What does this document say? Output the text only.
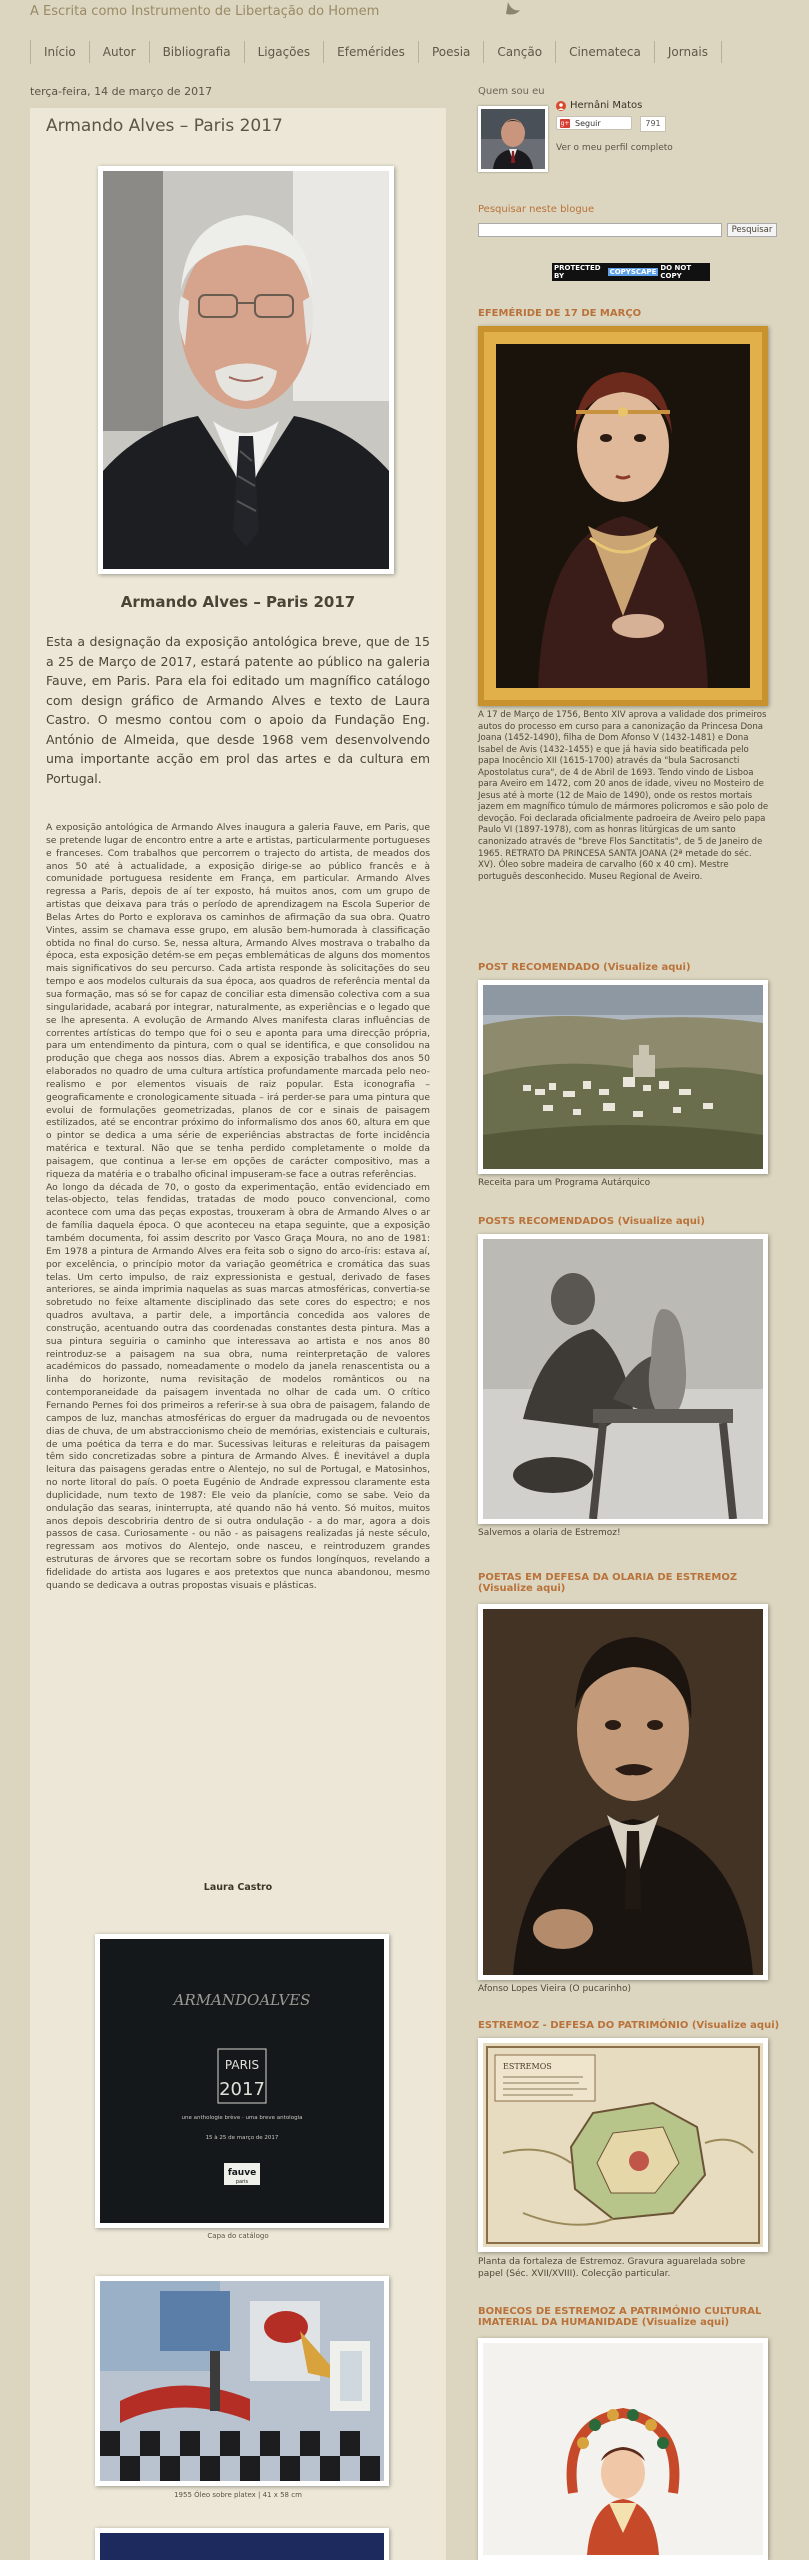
A Escrita como Instrumento de Libertação do Homem
Início	Autor	Bibliografia	Ligações	Efemérides	Poesia	Canção	Cinemateca	Jornais
terça-feira, 14 de março de 2017
Armando Alves – Paris 2017
Armando Alves – Paris 2017

Esta a designação da exposição antológica breve, que de 15 a 25 de Março de 2017, estará patente ao público na galeria Fauve, em Paris. Para ela foi editado um magnífico catálogo com design gráfico de Armando Alves e texto de Laura Castro. O mesmo contou com o apoio da Fundação Eng. António de Almeida, que desde 1968 vem desenvolvendo uma importante acção em prol das artes e da cultura em Portugal.

A exposição antológica de Armando Alves inaugura a galeria Fauve, em Paris, que se pretende lugar de encontro entre a arte e artistas, particularmente portugueses e franceses. Com trabalhos que percorrem o trajecto do artista, de meados dos anos 50 até à actualidade, a exposição dirige-se ao público francês e à comunidade portuguesa residente em França, em particular. Armando Alves regressa a Paris, depois de aí ter exposto, há muitos anos, com um grupo de artistas que deixava para trás o período de aprendizagem na Escola Superior de Belas Artes do Porto e explorava os caminhos de afirmação da sua obra. Quatro Vintes, assim se chamava esse grupo, em alusão bem-humorada à classificação obtida no final do curso. Se, nessa altura, Armando Alves mostrava o trabalho da época, esta exposição detém-se em peças emblemáticas de alguns dos momentos mais significativos do seu percurso. Cada artista responde às solicitações do seu tempo e aos modelos culturais da sua época, aos quadros de referência mental da sua formação, mas só se for capaz de conciliar esta dimensão colectiva com a sua singularidade, acabará por integrar, naturalmente, as experiências e o legado que se lhe apresenta. A evolução de Armando Alves manifesta claras influências de correntes artísticas do tempo que foi o seu e aponta para uma direcção própria, para um entendimento da pintura, com o qual se identifica, e que consolidou na produção que chega aos nossos dias. Abrem a exposição trabalhos dos anos 50 elaborados no quadro de uma cultura artística profundamente marcada pelo neo-realismo e por elementos visuais de raiz popular. Esta iconografia – geograficamente e cronologicamente situada – irá perder-se para uma pintura que evolui de formulações geometrizadas, planos de cor e sinais de paisagem estilizados, até se encontrar próximo do informalismo dos anos 60, altura em que o pintor se dedica a uma série de experiências abstractas de forte incidência matérica e textural. Não que se tenha perdido completamente o molde da paisagem, que continua a ler-se em opções de carácter compositivo, mas a riqueza da matéria e o trabalho oficinal impuseram-se face a outras referências.

Ao longo da década de 70, o gosto da experimentação, então evidenciado em telas-objecto, telas fendidas, tratadas de modo pouco convencional, como acontece com uma das peças expostas, trouxeram à obra de Armando Alves o ar de família daquela época. O que aconteceu na etapa seguinte, que a exposição também documenta, foi assim descrito por Vasco Graça Moura, no ano de 1981: Em 1978 a pintura de Armando Alves era feita sob o signo do arco-íris: estava aí, por excelência, o princípio motor da variação geométrica e cromática das suas telas. Um certo impulso, de raiz expressionista e gestual, derivado de fases anteriores, se ainda imprimia naquelas as suas marcas atmosféricas, convertia-se sobretudo no feixe altamente disciplinado das sete cores do espectro; e nos quadros avultava, a partir dele, a importância concedida aos valores de construção, acentuando outra das coordenadas constantes desta pintura. Mas a sua pintura seguiria o caminho que interessava ao artista e nos anos 80 reintroduz-se a paisagem na sua obra, numa reinterpretação de valores académicos do passado, nomeadamente o modelo da janela renascentista ou a linha do horizonte, numa revisitação de modelos românticos ou na contemporaneidade da paisagem inventada no olhar de cada um. O crítico Fernando Pernes foi dos primeiros a referir-se à sua obra de paisagem, falando de campos de luz, manchas atmosféricas do erguer da madrugada ou de nevoentos dias de chuva, de um abstraccionismo cheio de memórias, existenciais e culturais, de uma poética da terra e do mar. Sucessivas leituras e releituras da paisagem têm sido concretizadas sobre a pintura de Armando Alves. É inevitável a dupla leitura das paisagens geradas entre o Alentejo, no sul de Portugal, e Matosinhos, no norte litoral do país. O poeta Eugénio de Andrade expressou claramente esta duplicidade, num texto de 1987: Ele veio da planície, como se sabe. Veio da ondulação das searas, ininterrupta, até quando não há vento. Só muitos, muitos anos depois descobriria dentro de si outra ondulação - a do mar, agora a dois passos de casa. Curiosamente - ou não - as paisagens realizadas já neste século, regressam aos motivos do Alentejo, onde nasceu, e reintroduzem grandes estruturas de árvores que se recortam sobre os fundos longínquos, revelando a fidelidade do artista aos lugares e aos pretextos que nunca abandonou, mesmo quando se dedicava a outras propostas visuais e plásticas.

Laura Castro
ARMANDOALVES
PARIS
2017
une anthologie brève · uma breve antologia
15 à 25 de março de 2017
fauve
paris
Capa do catálogo
1955 Óleo sobre platex | 41 x 58 cm
Quem sou eu
Hernâni Matos
g+ Seguir	791
Ver o meu perfil completo
Pesquisar neste blogue
Pesquisar
PROTECTED BY	COPYSCAPE DO NOT COPY
EFEMÉRIDE DE 17 DE MARÇO

A 17 de Março de 1756, Bento XIV aprova a validade dos primeiros autos do processo em curso para a canonização da Princesa Dona Joana (1452-1490), filha de Dom Afonso V (1432-1481) e Dona Isabel de Avis (1432-1455) e que já havia sido beatificada pelo papa Inocêncio XII (1615-1700) através da "bula Sacrosancti Apostolatus cura", de 4 de Abril de 1693. Tendo vindo de Lisboa para Aveiro em 1472, com 20 anos de idade, viveu no Mosteiro de Jesus até à morte (12 de Maio de 1490), onde os restos mortais jazem em magnífico túmulo de mármores policromos e são polo de devoção. Foi declarada oficialmente padroeira de Aveiro pelo papa Paulo VI (1897-1978), com as honras litúrgicas de um santo canonizado através de "breve Flos Sanctitatis", de 5 de Janeiro de 1965. RETRATO DA PRINCESA SANTA JOANA (2ª metade do séc. XV). Óleo sobre madeira de carvalho (60 x 40 cm). Mestre português desconhecido. Museu Regional de Aveiro.

POST RECOMENDADO (Visualize aqui)
Receita para um Programa Autárquico
POSTS RECOMENDADOS (Visualize aqui)
Salvemos a olaria de Estremoz!
POETAS EM DEFESA DA OLARIA DE ESTREMOZ (Visualize aqui)
Afonso Lopes Vieira (O pucarinho)
ESTREMOZ - DEFESA DO PATRIMÓNIO (Visualize aqui)
ESTREMOS

Planta da fortaleza de Estremoz. Gravura aguarelada sobre papel (Séc. XVII/XVIII). Colecção particular.

BONECOS DE ESTREMOZ A PATRIMÓNIO CULTURAL IMATERIAL DA HUMANIDADE (Visualize aqui)
